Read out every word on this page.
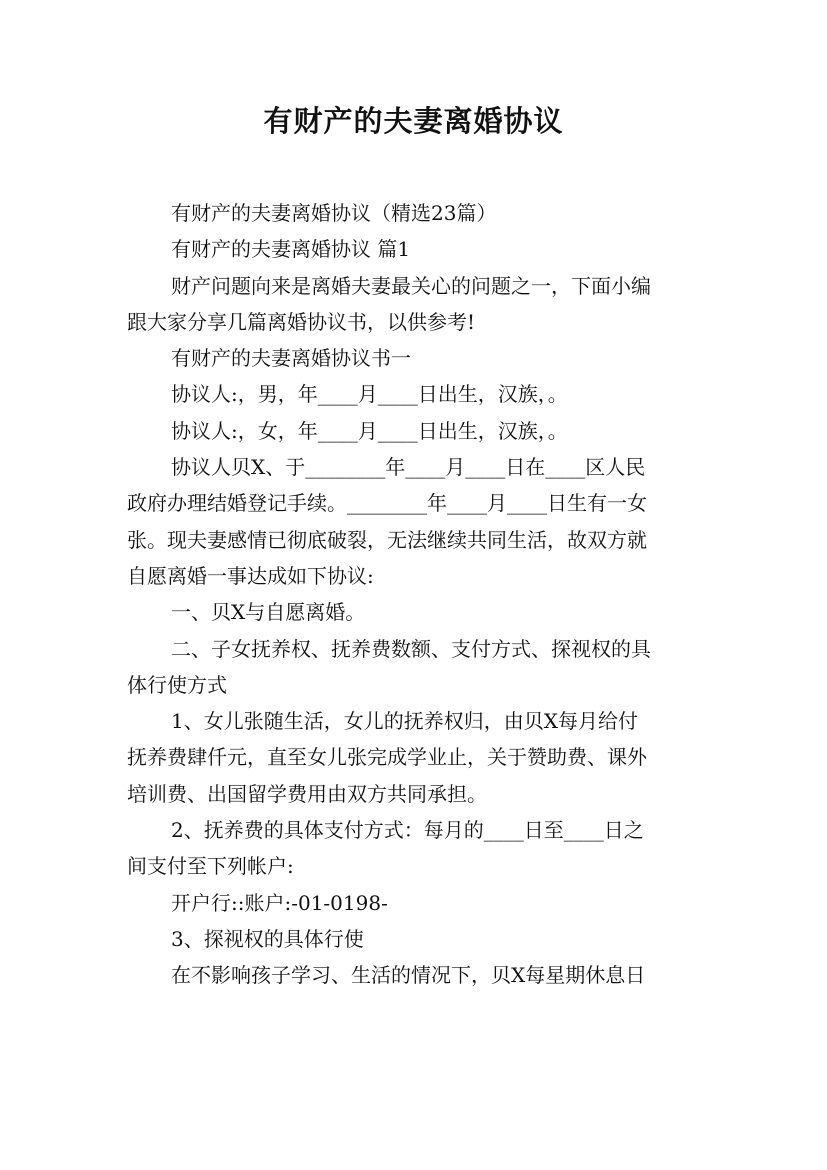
有财产的夫妻离婚协议
有财产的夫妻离婚协议（精选23篇）
有财产的夫妻离婚协议 篇1
财产问题向来是离婚夫妻最关心的问题之一，下面小编
跟大家分享几篇离婚协议书，以供参考!
有财产的夫妻离婚协议书一
协议人:，男，年____月____日出生，汉族，。
协议人:，女，年____月____日出生，汉族，。
协议人贝X、于________年____月____日在____区人民
政府办理结婚登记手续。________年____月____日生有一女
张。现夫妻感情已彻底破裂，无法继续共同生活，故双方就
自愿离婚一事达成如下协议:
一、贝X与自愿离婚。
二、子女抚养权、抚养费数额、支付方式、探视权的具
体行使方式
1、女儿张随生活，女儿的抚养权归，由贝X每月给付
抚养费肆仟元，直至女儿张完成学业止，关于赞助费、课外
培训费、出国留学费用由双方共同承担。
2、抚养费的具体支付方式：每月的____日至____日之
间支付至下列帐户:
开户行::账户:-01-0198-
3、探视权的具体行使
在不影响孩子学习、生活的情况下，贝X每星期休息日
